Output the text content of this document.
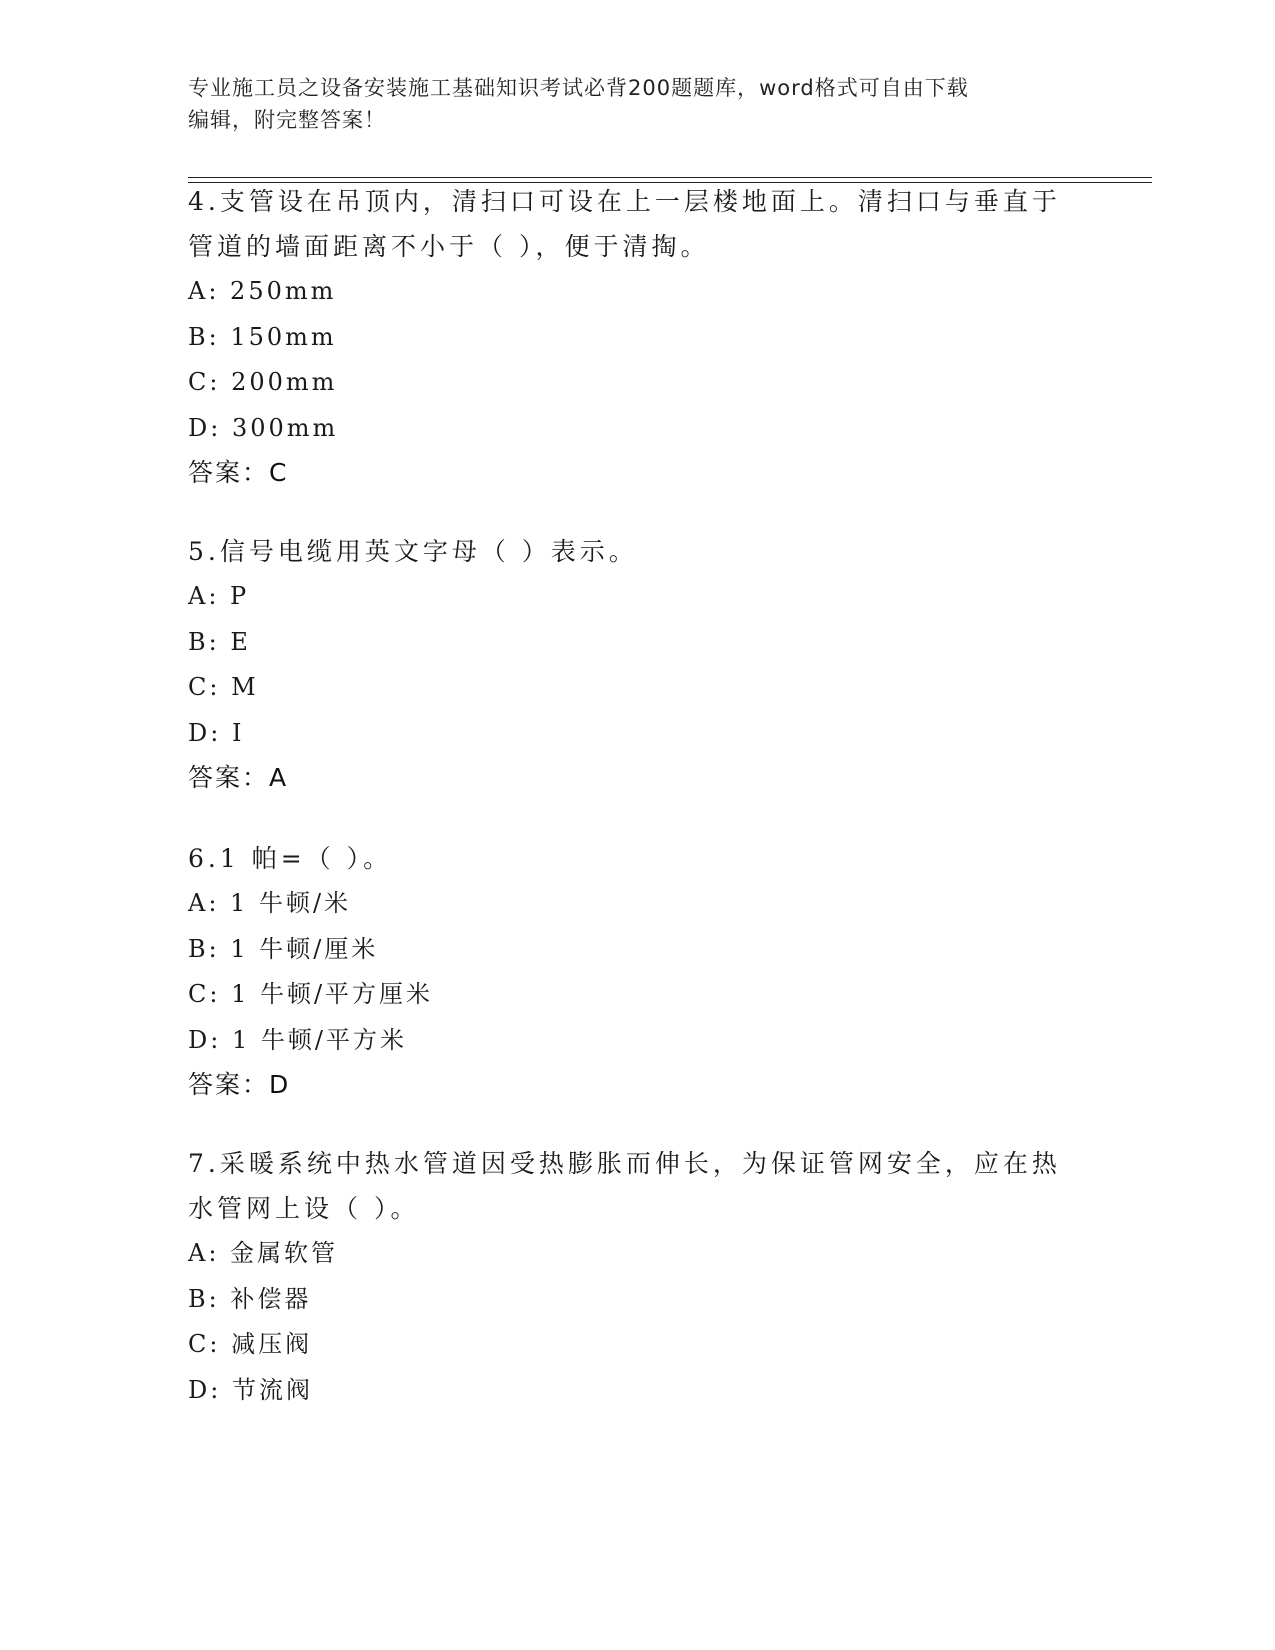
专业施工员之设备安装施工基础知识考试必背200题题库，word格式可自由下载
编辑，附完整答案！
4.支管设在吊顶内，清扫口可设在上一层楼地面上。清扫口与垂直于
管道的墙面距离不小于（ ），便于清掏。
A: 250mm
B: 150mm
C: 200mm
D: 300mm
答案：C
5.信号电缆用英文字母（ ）表示。
A: P
B: E
C: M
D: I
答案：A
6.1 帕=（ ）。
A: 1 牛顿/米
B: 1 牛顿/厘米
C: 1 牛顿/平方厘米
D: 1 牛顿/平方米
答案：D
7.采暖系统中热水管道因受热膨胀而伸长，为保证管网安全，应在热
水管网上设（ ）。
A: 金属软管
B: 补偿器
C: 减压阀
D: 节流阀
